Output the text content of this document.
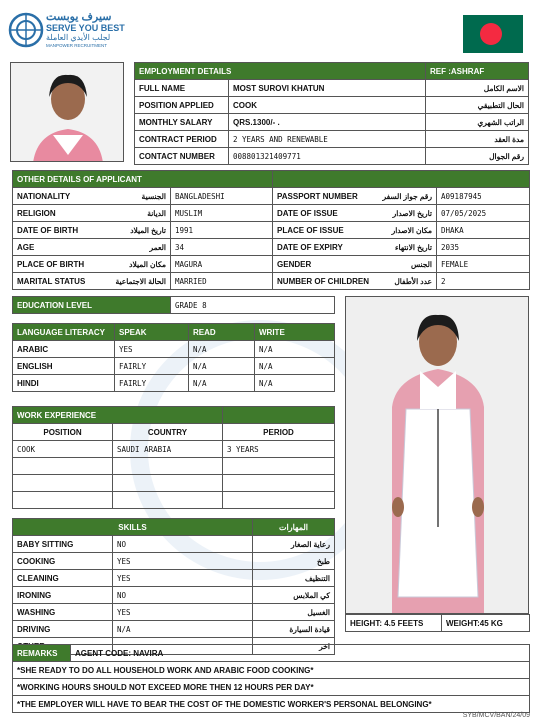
سيرف يوبست
SERVE YOU BEST
لجلب الأيدي العاملة
MANPOWER RECRUITMENT
EMPLOYMENT DETAILS		REF :ASHRAF
FULL NAME	MOST SUROVI KHATUN	الاسم الكامل
POSITION APPLIED	COOK	الحال التطبيقي
MONTHLY SALARY	QRS.1300/- .	الراتب الشهري
CONTRACT PERIOD	2 YEARS AND RENEWABLE	مدة العقد
CONTACT NUMBER	008801321409771	رقم الجوال
OTHER DETAILS OF APPLICANT			

NATIONALITY الجنسية	BANGLADESHI	PASSPORT NUMBER رقم جواز السفر	A09187945

RELIGION الديانة	MUSLIM	DATE OF ISSUE تاريخ الاصدار	07/05/2025

DATE OF BIRTH تاريخ الميلاد	1991	PLACE OF ISSUE مكان الاصدار	DHAKA

AGE العمر	34	DATE OF EXPIRY تاريخ الانتهاء	2035

PLACE OF BIRTH مكان الميلاد	MAGURA	GENDER الجنس	FEMALE

MARITAL STATUS الحالة الاجتماعية	MARRIED	NUMBER OF CHILDREN عدد الأطفال	2
EDUCATION LEVEL	GRADE 8
LANGUAGE LITERACY	SPEAK	READ	WRITE
ARABIC	YES	N/A	N/A
ENGLISH	FAIRLY	N/A	N/A
HINDI	FAIRLY	N/A	N/A
WORK EXPERIENCE		
POSITION	COUNTRY	PERIOD
COOK	SAUDI ARABIA	3 YEARS

SKILLS		المهارات
BABY SITTING	NO	رعاية الصغار
COOKING	YES	طبخ
CLEANING	YES	التنظيف
IRONING	NO	كي الملابس
WASHING	YES	الغسيل
DRIVING	N/A	قيادة السيارة
		اخر
HEIGHT: 4.5 FEETS	WEIGHT:45 KG
REMARKS	AGENT CODE: NAVIRA
*SHE READY TO DO ALL HOUSEHOLD WORK AND ARABIC FOOD COOKING*
*WORKING HOURS SHOULD NOT EXCEED MORE THEN 12 HOURS PER DAY*
*THE EMPLOYER WILL HAVE TO BEAR THE COST OF THE DOMESTIC WORKER'S PERSONAL BELONGING*
SYB/MCV/BAN/24/09
